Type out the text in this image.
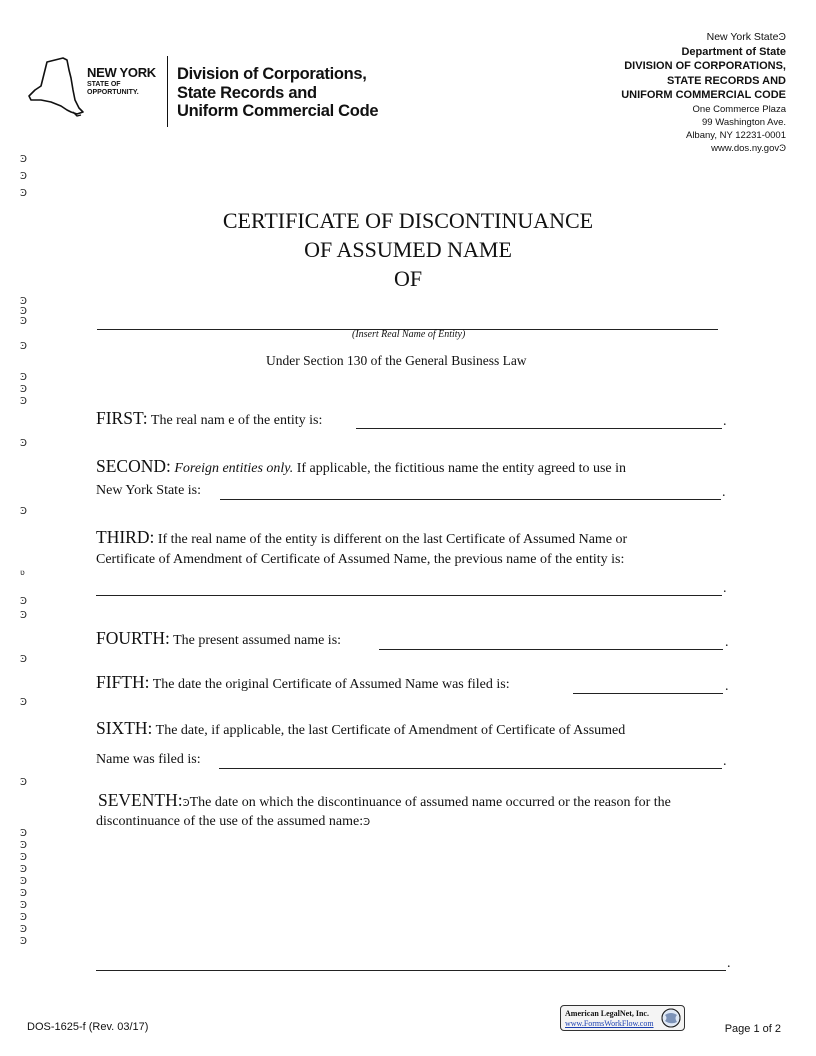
NEW YORK
STATE OF
OPPORTUNITY.
Division of Corporations,
State Records and
Uniform Commercial Code
New York StateϿ
Department of State
DIVISION OF CORPORATIONS,
STATE RECORDS AND
UNIFORM COMMERCIAL CODE
One Commerce Plaza
99 Washington Ave.
Albany, NY 12231-0001
www.dos.ny.govϿ
Ͽ
Ͽ
Ͽ
Ͽ
Ͽ
Ͽ
Ͽ
Ͽ
Ͽ
Ͽ
Ͽ
Ͽ
ʋ
Ͽ
Ͽ
Ͽ
Ͽ
Ͽ
Ͽ
Ͽ
Ͽ
Ͽ
Ͽ
Ͽ
Ͽ
Ͽ
Ͽ
Ͽ
CERTIFICATE OF DISCONTINUANCE
OF ASSUMED NAME
OF
(Insert Real Name of Entity)
Under Section 130 of the General Business Law
FIRST: The real nam e of the entity is:	.
SECOND: Foreign entities only. If applicable, the fictitious name the entity agreed to use in
New York State is:	.
THIRD: If the real name of the entity is different on the last Certificate of Assumed Name or
Certificate of Amendment of Certificate of Assumed Name, the previous name of the entity is:
.
FOURTH: The present assumed name is:	.
FIFTH: The date the original Certificate of Assumed Name was filed is:	.
SIXTH: The date, if applicable, the last Certificate of Amendment of Certificate of Assumed
Name was filed is:	.
SEVENTH:ϿThe date on which the discontinuance of assumed name occurred or the reason for the
discontinuance of the use of the assumed name:Ͽ
.
DOS-1625-f (Rev. 03/17)
American LegalNet, Inc.
www.FormsWorkFlow.com	Page 1 of 2
